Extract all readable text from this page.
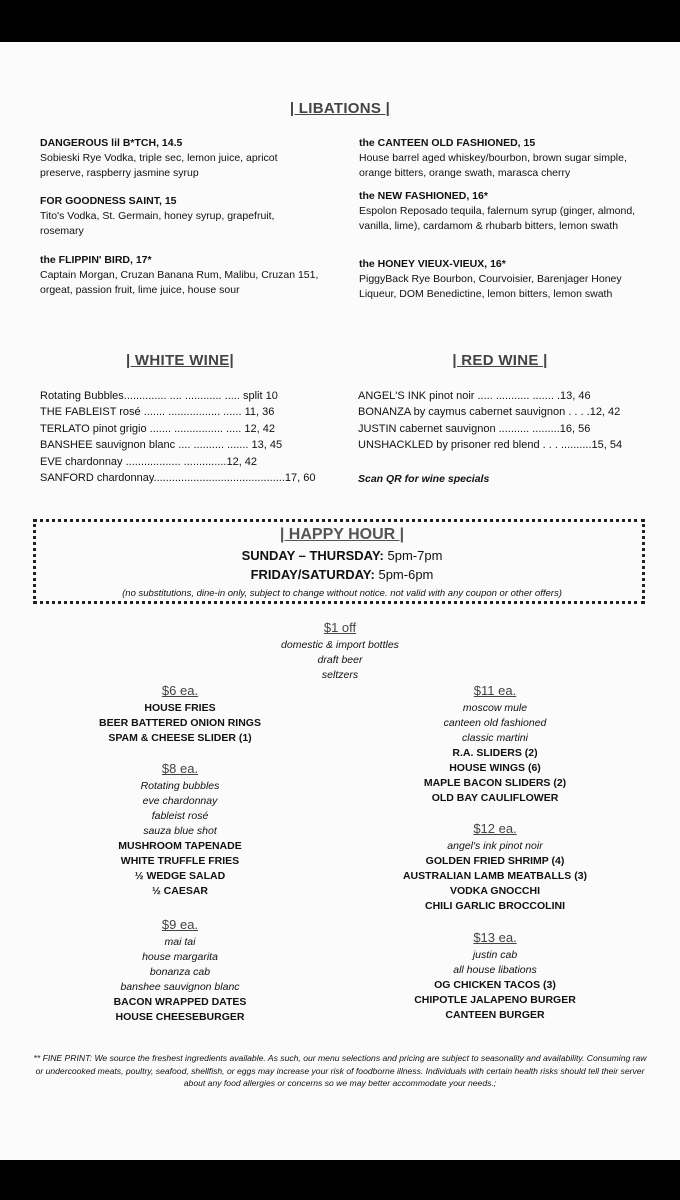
| LIBATIONS |
DANGEROUS lil B*TCH, 14.5
Sobieski Rye Vodka, triple sec, lemon juice, apricot preserve, raspberry jasmine syrup
FOR GOODNESS SAINT, 15
Tito's Vodka, St. Germain, honey syrup, grapefruit, rosemary
the FLIPPIN' BIRD, 17*
Captain Morgan, Cruzan Banana Rum, Malibu, Cruzan 151, orgeat, passion fruit, lime juice, house sour
the CANTEEN OLD FASHIONED, 15
House barrel aged whiskey/bourbon, brown sugar simple, orange bitters, orange swath, marasca cherry
the NEW FASHIONED, 16*
Espolon Reposado tequila, falernum syrup (ginger, almond, vanilla, lime), cardamom & rhubarb bitters, lemon swath
the HONEY VIEUX-VIEUX, 16*
PiggyBack Rye Bourbon, Courvoisier, Barenjager Honey Liqueur, DOM Benedictine, lemon bitters, lemon swath
| WHITE WINE|	| RED WINE |
Rotating Bubbles.............. .... ............ ..... split 10
THE FABLEIST rosé ....... ................. ...... 11, 36
TERLATO pinot grigio ....... ................ ..... 12, 42
BANSHEE sauvignon blanc .... .......... ....... 13, 45
EVE chardonnay .................. ..............12, 42
SANFORD chardonnay...........................................17, 60
ANGEL'S INK pinot noir ..... ........... ....... .13, 46
BONANZA by caymus cabernet sauvignon . . . .12, 42
JUSTIN cabernet sauvignon .......... .........16, 56
UNSHACKLED by prisoner red blend . . . ..........15, 54
Scan QR for wine specials
| HAPPY HOUR |
SUNDAY – THURSDAY: 5pm-7pm
FRIDAY/SATURDAY: 5pm-6pm
(no substitutions, dine-in only, subject to change without notice. not valid with any coupon or other offers)
$1 off
domestic & import bottles
draft beer
seltzers
$6 ea.
HOUSE FRIES
BEER BATTERED ONION RINGS
SPAM & CHEESE SLIDER (1)
$8 ea.
Rotating bubbles
eve chardonnay
fableist rosé
sauza blue shot
MUSHROOM TAPENADE
WHITE TRUFFLE FRIES
½ WEDGE SALAD
½ CAESAR
$9 ea.
mai tai
house margarita
bonanza cab
banshee sauvignon blanc
BACON WRAPPED DATES
HOUSE CHEESEBURGER
$11 ea.
moscow mule
canteen old fashioned
classic martini
R.A. SLIDERS (2)
HOUSE WINGS (6)
MAPLE BACON SLIDERS (2)
OLD BAY CAULIFLOWER
$12 ea.
angel's ink pinot noir
GOLDEN FRIED SHRIMP (4)
AUSTRALIAN LAMB MEATBALLS (3)
VODKA GNOCCHI
CHILI GARLIC BROCCOLINI
$13 ea.
justin cab
all house libations
OG CHICKEN TACOS (3)
CHIPOTLE JALAPENO BURGER
CANTEEN BURGER
** FINE PRINT: We source the freshest ingredients available. As such, our menu selections and pricing are subject to seasonality and availability. Consuming raw or undercooked meats, poultry, seafood, shellfish, or eggs may increase your risk of foodborne illness. Individuals with certain health risks should tell their server about any food allergies or concerns so we may better accommodate your needs.;
